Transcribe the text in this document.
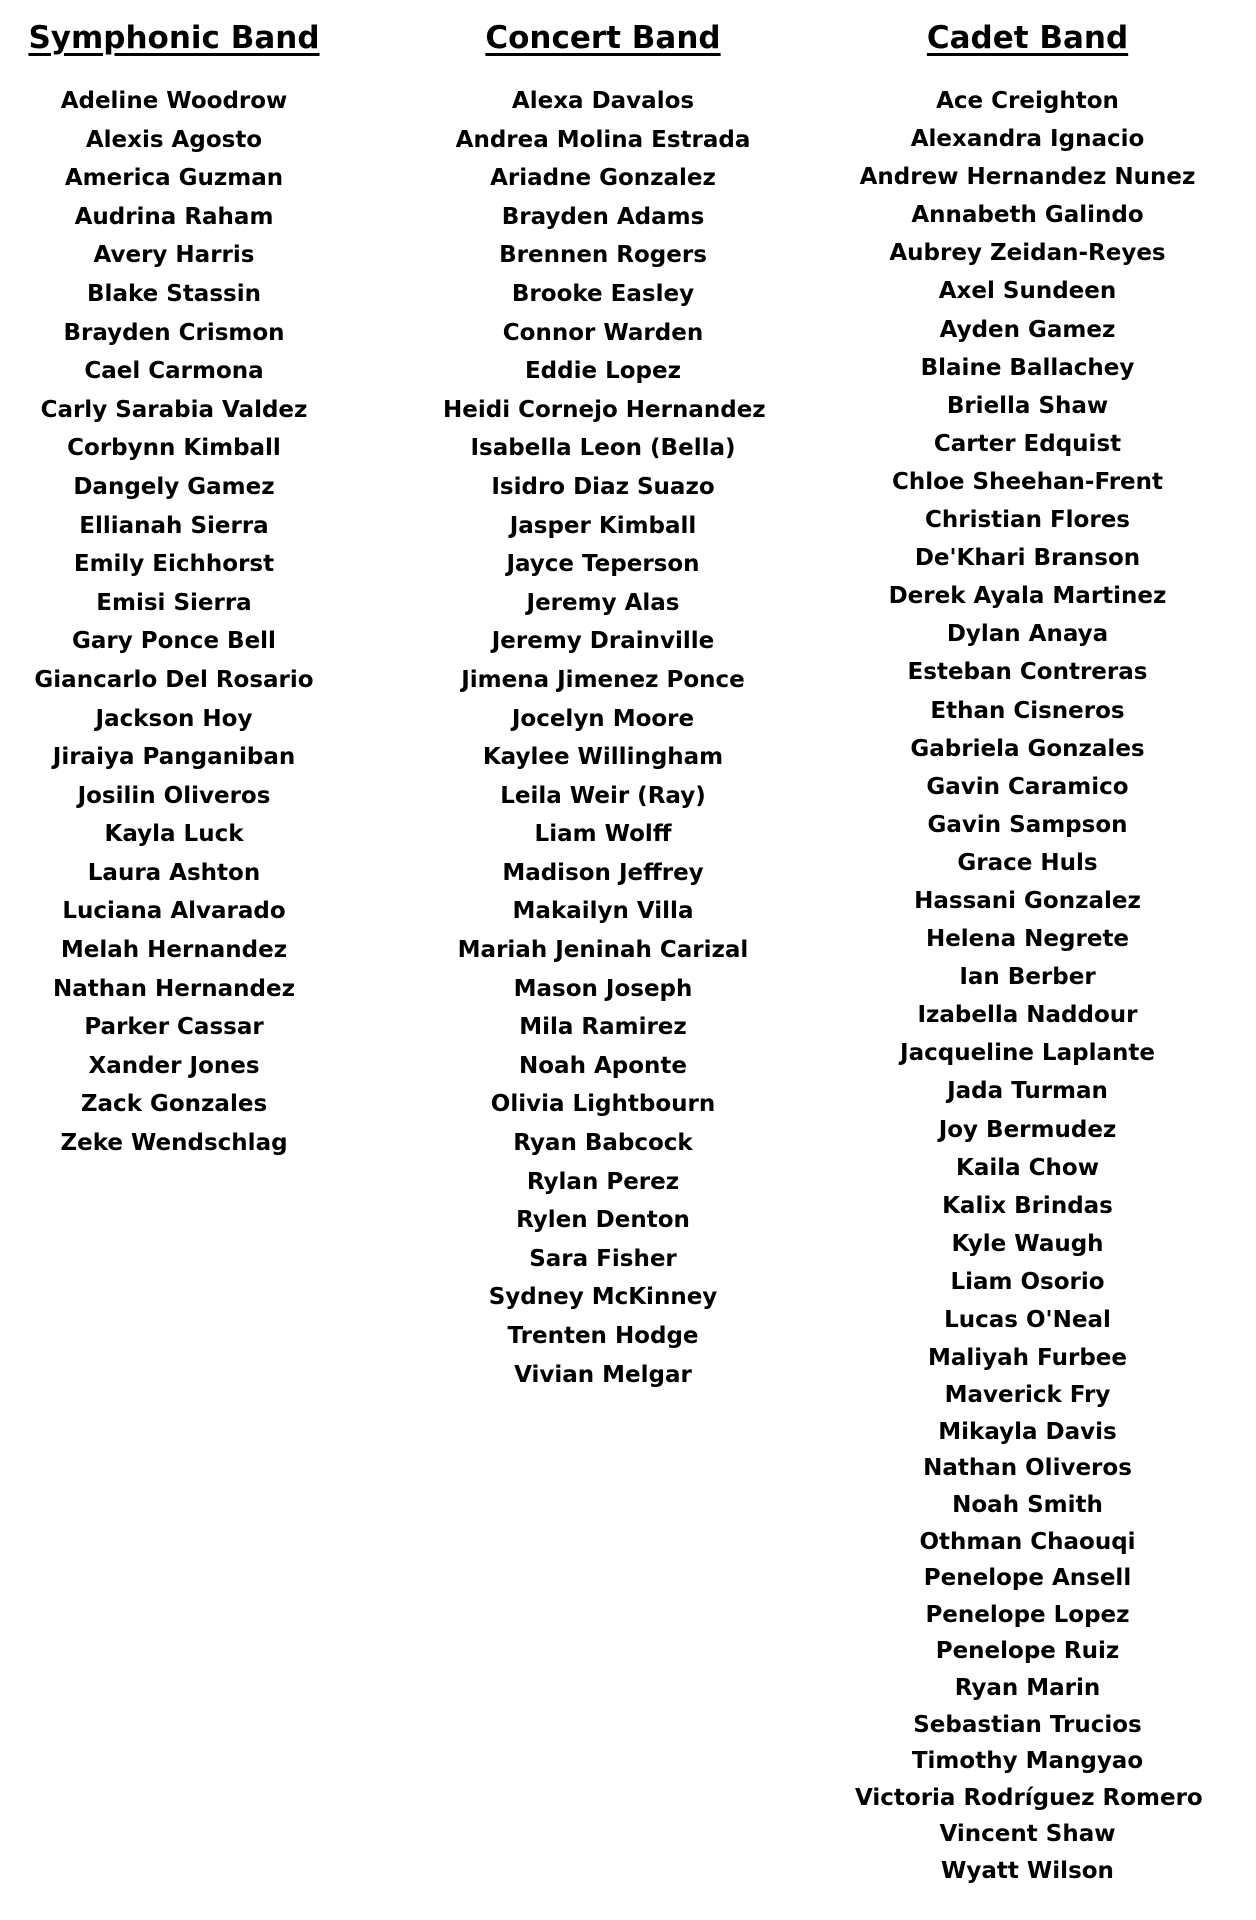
Symphonic Band
Adeline Woodrow
Alexis Agosto
America Guzman
Audrina Raham
Avery Harris
Blake Stassin
Brayden Crismon
Cael Carmona
Carly Sarabia Valdez
Corbynn Kimball
Dangely Gamez
Ellianah Sierra
Emily Eichhorst
Emisi Sierra
Gary Ponce Bell
Giancarlo Del Rosario
Jackson Hoy
Jiraiya Panganiban
Josilin Oliveros
Kayla Luck
Laura Ashton
Luciana Alvarado
Melah Hernandez
Nathan Hernandez
Parker Cassar
Xander Jones
Zack Gonzales
Zeke Wendschlag
Concert Band
Alexa Davalos
Andrea Molina Estrada
Ariadne Gonzalez
Brayden Adams
Brennen Rogers
Brooke Easley
Connor Warden
Eddie Lopez
Heidi Cornejo Hernandez
Isabella Leon (Bella)
Isidro Diaz Suazo
Jasper Kimball
Jayce Teperson
Jeremy Alas
Jeremy Drainville
Jimena Jimenez Ponce
Jocelyn Moore
Kaylee Willingham
Leila Weir (Ray)
Liam Wolff
Madison Jeffrey
Makailyn Villa
Mariah Jeninah Carizal
Mason Joseph
Mila Ramirez
Noah Aponte
Olivia Lightbourn
Ryan Babcock
Rylan Perez
Rylen Denton
Sara Fisher
Sydney McKinney
Trenten Hodge
Vivian Melgar
Cadet Band
Ace Creighton
Alexandra Ignacio
Andrew Hernandez Nunez
Annabeth Galindo
Aubrey Zeidan-Reyes
Axel Sundeen
Ayden Gamez
Blaine Ballachey
Briella Shaw
Carter Edquist
Chloe Sheehan-Frent
Christian Flores
De'Khari Branson
Derek Ayala Martinez
Dylan Anaya
Esteban Contreras
Ethan Cisneros
Gabriela Gonzales
Gavin Caramico
Gavin Sampson
Grace Huls
Hassani Gonzalez
Helena Negrete
Ian Berber
Izabella Naddour
Jacqueline Laplante
Jada Turman
Joy Bermudez
Kaila Chow
Kalix Brindas
Kyle Waugh
Liam Osorio
Lucas O'Neal
Maliyah Furbee
Maverick Fry
Mikayla Davis
Nathan Oliveros
Noah Smith
Othman Chaouqi
Penelope Ansell
Penelope Lopez
Penelope Ruiz
Ryan Marin
Sebastian Trucios
Timothy Mangyao
Victoria Rodríguez Romero
Vincent Shaw
Wyatt Wilson
